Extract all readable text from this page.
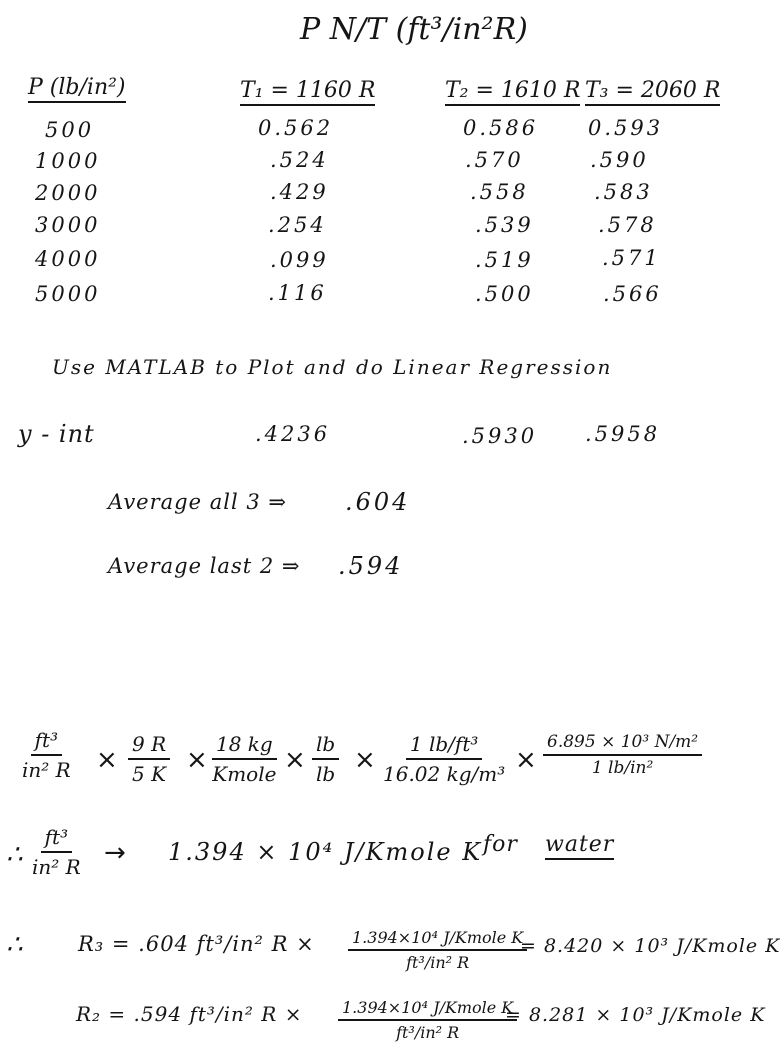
P N/T (ft³/in²R)
P (lb/in²)	T₁ = 1160 R	T₂ = 1610 R T₃ = 2060 R
500	0.562	0.586 0.593
1000	.524	.570	.590
2000	.429	.558	.583
3000	.254	.539	.578
4000	.099	.519	.571
5000	.116	.500	.566
Use MATLAB to Plot and do Linear Regression
y - int	.4236	.5930 .5958
Average all 3 ⇒ .604
Average last 2 ⇒ .594
$\frac{\text{ft³}}{\text{in² R}} \times \frac{9 R}{5 K}$ ×
18 kg
Kmole × $\frac{lb}{lb} \times \frac{\text{1 lb/ft³}}{\text{16.02 kg/m³}} \times \frac{\text{6.895 × 10³ N/m²}}{\text{1 lb/in²}}$
∴ $\frac{\text{ft³}}{\text{in² R}} \to 1.394 \times 10^4$ J/Kmole K for water
∴	R₃ = .604 ft³/in² R × 1.394×10⁴ J/Kmole K
ft³/in² R
= 8.420 × 10³ J/Kmole K
R₂ = .594 ft³/in² R × 1.394×10⁴ J/Kmole K
ft³/in² R
= 8.281 × 10³ J/Kmole K
